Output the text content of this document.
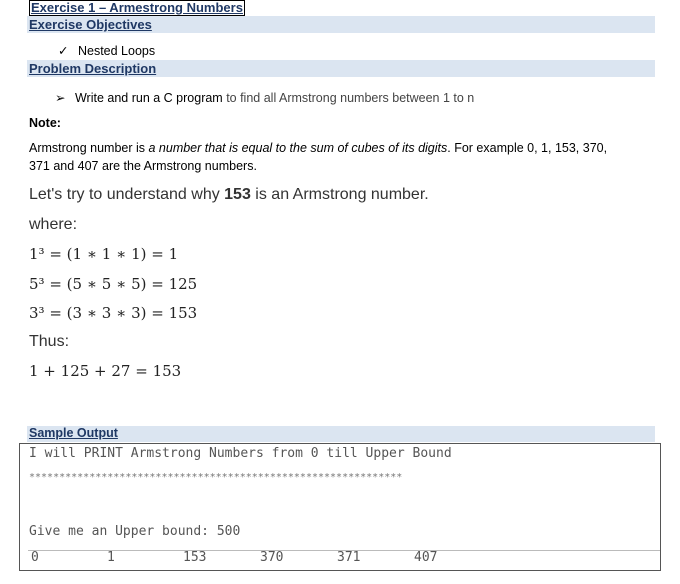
Exercise 1 – Armestrong Numbers
Exercise Objectives
✓ Nested Loops
Problem Description
➢ Write and run a C program to find all Armstrong numbers between 1 to n
Note:
Armstrong number is a number that is equal to the sum of cubes of its digits. For example 0, 1, 153, 370,
371 and 407 are the Armstrong numbers.
Let's try to understand why 153 is an Armstrong number.
where:
1³ = (1 ∗ 1 ∗ 1) = 1
5³ = (5 ∗ 5 ∗ 5) = 125
3³ = (3 ∗ 3 ∗ 3) = 153
Thus:
1 + 125 + 27 = 153
Sample Output
I will PRINT Armstrong Numbers from 0 till Upper Bound
**************************************************************
Give me an Upper bound: 500
0	1	153	370	371	407
